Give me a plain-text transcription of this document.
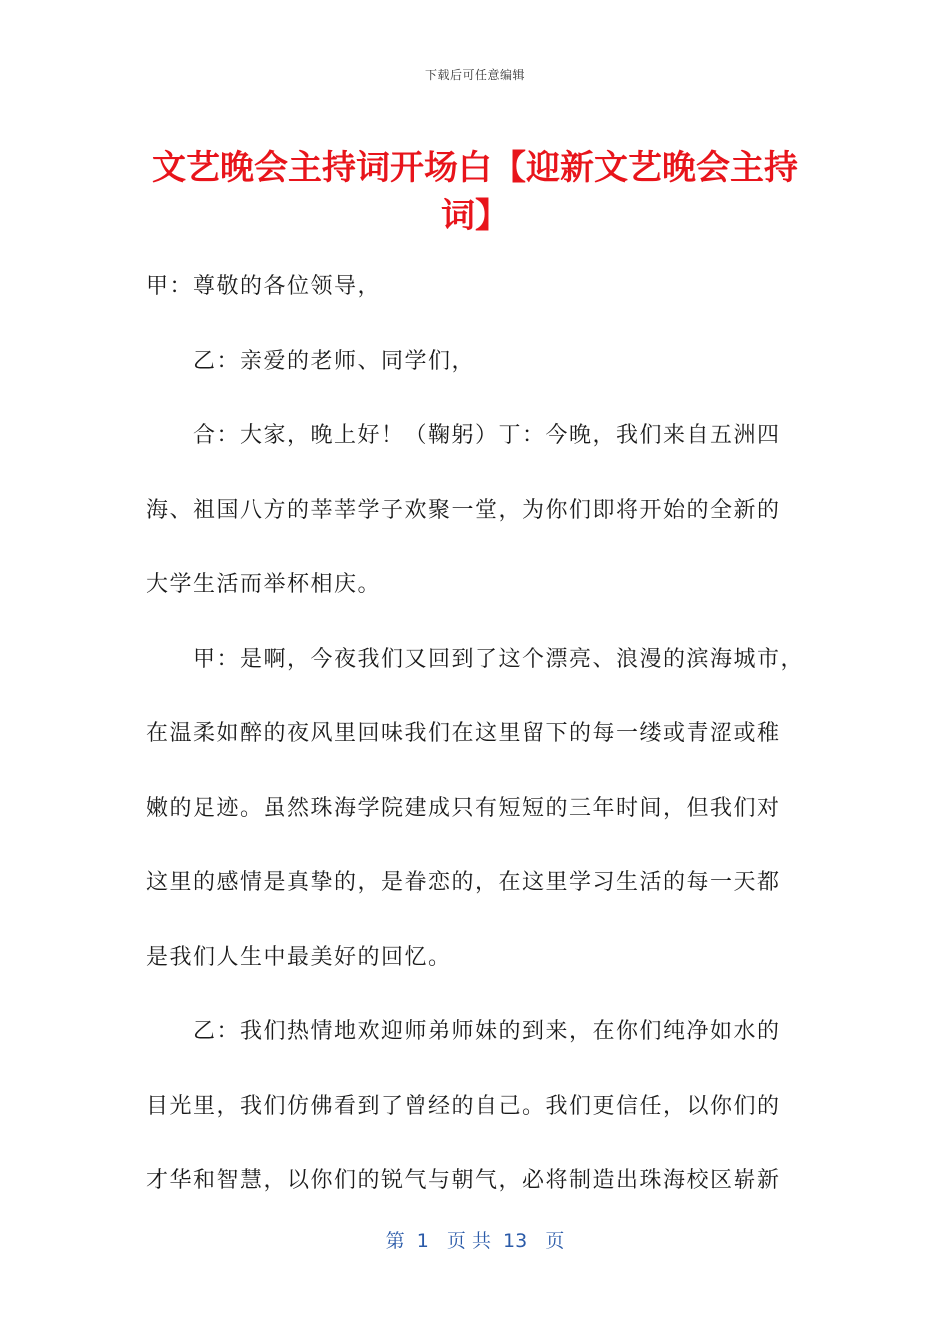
下载后可任意编辑
文艺晚会主持词开场白【迎新文艺晚会主持词】
甲：尊敬的各位领导，
乙：亲爱的老师、同学们，
合：大家，晚上好！（鞠躬）丁：今晚，我们来自五洲四
海、祖国八方的莘莘学子欢聚一堂，为你们即将开始的全新的
大学生活而举杯相庆。
甲：是啊，今夜我们又回到了这个漂亮、浪漫的滨海城市，
在温柔如醉的夜风里回味我们在这里留下的每一缕或青涩或稚
嫩的足迹。虽然珠海学院建成只有短短的三年时间，但我们对
这里的感情是真挚的，是眷恋的，在这里学习生活的每一天都
是我们人生中最美好的回忆。
乙：我们热情地欢迎师弟师妹的到来，在你们纯净如水的
目光里，我们仿佛看到了曾经的自己。我们更信任，以你们的
才华和智慧，以你们的锐气与朝气，必将制造出珠海校区崭新
第  1   页 共  13   页
